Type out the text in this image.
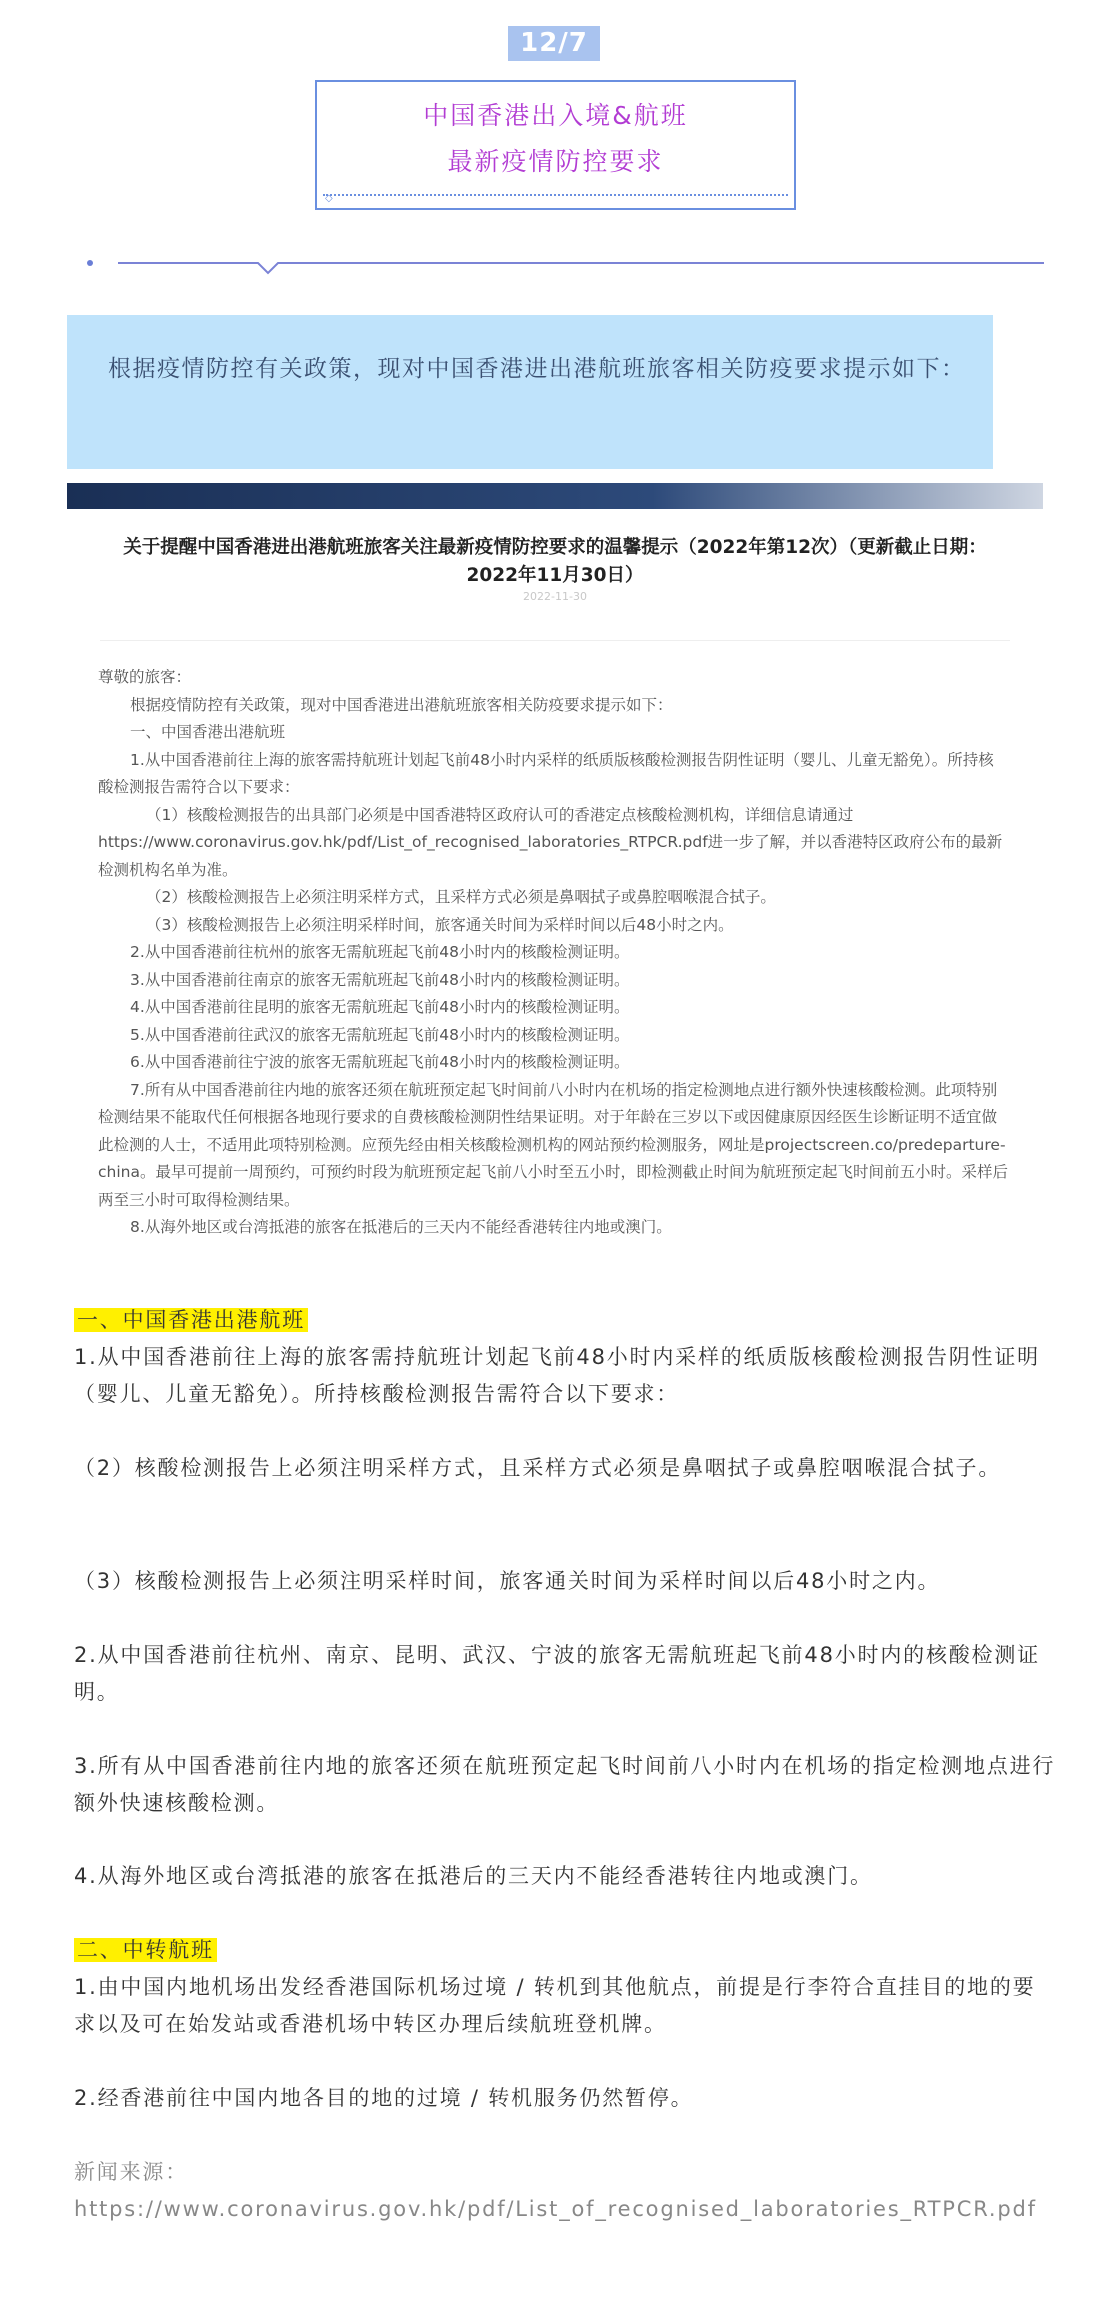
12/7
中国香港出入境&航班
最新疫情防控要求
◇
根据疫情防控有关政策，现对中国香港进出港航班旅客相关防疫要求提示如下：
关于提醒中国香港进出港航班旅客关注最新疫情防控要求的温馨提示（2022年第12次）（更新截止日期：2022年11月30日）
2022-11-30

尊敬的旅客：

根据疫情防控有关政策，现对中国香港进出港航班旅客相关防疫要求提示如下：

一、中国香港出港航班

1.从中国香港前往上海的旅客需持航班计划起飞前48小时内采样的纸质版核酸检测报告阴性证明（婴儿、儿童无豁免）。所持核酸检测报告需符合以下要求：

（1）核酸检测报告的出具部门必须是中国香港特区政府认可的香港定点核酸检测机构，详细信息请通过https://www.coronavirus.gov.hk/pdf/List_of_recognised_laboratories_RTPCR.pdf进一步了解，并以香港特区政府公布的最新检测机构名单为准。

（2）核酸检测报告上必须注明采样方式，且采样方式必须是鼻咽拭子或鼻腔咽喉混合拭子。

（3）核酸检测报告上必须注明采样时间，旅客通关时间为采样时间以后48小时之内。

2.从中国香港前往杭州的旅客无需航班起飞前48小时内的核酸检测证明。

3.从中国香港前往南京的旅客无需航班起飞前48小时内的核酸检测证明。

4.从中国香港前往昆明的旅客无需航班起飞前48小时内的核酸检测证明。

5.从中国香港前往武汉的旅客无需航班起飞前48小时内的核酸检测证明。

6.从中国香港前往宁波的旅客无需航班起飞前48小时内的核酸检测证明。

7.所有从中国香港前往内地的旅客还须在航班预定起飞时间前八小时内在机场的指定检测地点进行额外快速核酸检测。此项特别检测结果不能取代任何根据各地现行要求的自费核酸检测阴性结果证明。对于年龄在三岁以下或因健康原因经医生诊断证明不适宜做此检测的人士，不适用此项特别检测。应预先经由相关核酸检测机构的网站预约检测服务，网址是projectscreen.co/predeparture-china。最早可提前一周预约，可预约时段为航班预定起飞前八小时至五小时，即检测截止时间为航班预定起飞时间前五小时。采样后两至三小时可取得检测结果。

8.从海外地区或台湾抵港的旅客在抵港后的三天内不能经香港转往内地或澳门。

一、中国香港出港航班
1.从中国香港前往上海的旅客需持航班计划起飞前48小时内采样的纸质版核酸检测报告阴性证明（婴儿、儿童无豁免）。所持核酸检测报告需符合以下要求：
（2）核酸检测报告上必须注明采样方式，且采样方式必须是鼻咽拭子或鼻腔咽喉混合拭子。
（3）核酸检测报告上必须注明采样时间，旅客通关时间为采样时间以后48小时之内。
2.从中国香港前往杭州、南京、昆明、武汉、宁波的旅客无需航班起飞前48小时内的核酸检测证明。
3.所有从中国香港前往内地的旅客还须在航班预定起飞时间前八小时内在机场的指定检测地点进行额外快速核酸检测。
4.从海外地区或台湾抵港的旅客在抵港后的三天内不能经香港转往内地或澳门。
二、中转航班
1.由中国内地机场出发经香港国际机场过境 / 转机到其他航点，前提是行李符合直挂目的地的要求以及可在始发站或香港机场中转区办理后续航班登机牌。
2.经香港前往中国内地各目的地的过境 / 转机服务仍然暂停。
新闻来源：
https://www.coronavirus.gov.hk/pdf/List_of_recognised_laboratories_RTPCR.pdf
